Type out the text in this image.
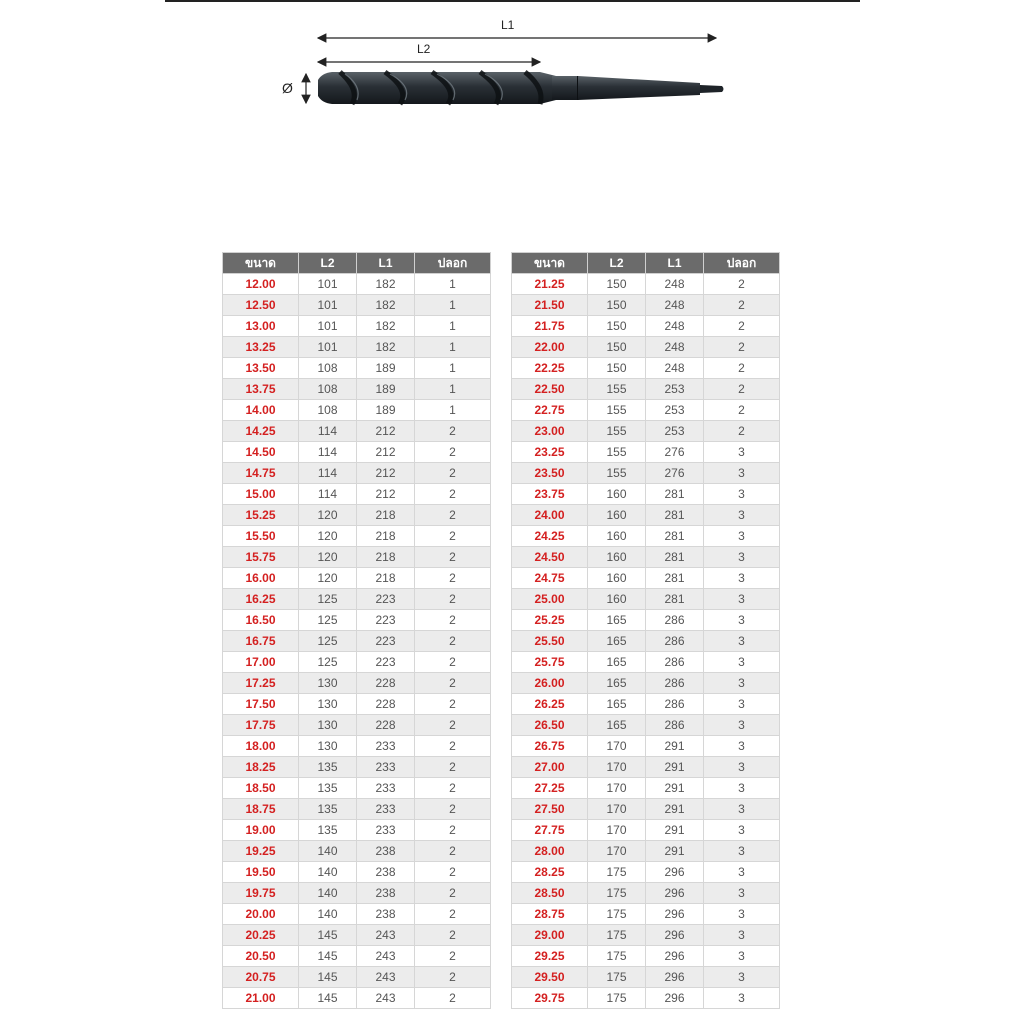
L1
L2
Ø
ขนาด	L2	L1	ปลอก
12.00	101	182	1
12.50	101	182	1
13.00	101	182	1
13.25	101	182	1
13.50	108	189	1
13.75	108	189	1
14.00	108	189	1
14.25	114	212	2
14.50	114	212	2
14.75	114	212	2
15.00	114	212	2
15.25	120	218	2
15.50	120	218	2
15.75	120	218	2
16.00	120	218	2
16.25	125	223	2
16.50	125	223	2
16.75	125	223	2
17.00	125	223	2
17.25	130	228	2
17.50	130	228	2
17.75	130	228	2
18.00	130	233	2
18.25	135	233	2
18.50	135	233	2
18.75	135	233	2
19.00	135	233	2
19.25	140	238	2
19.50	140	238	2
19.75	140	238	2
20.00	140	238	2
20.25	145	243	2
20.50	145	243	2
20.75	145	243	2
21.00	145	243	2
ขนาด	L2	L1	ปลอก
21.25	150	248	2
21.50	150	248	2
21.75	150	248	2
22.00	150	248	2
22.25	150	248	2
22.50	155	253	2
22.75	155	253	2
23.00	155	253	2
23.25	155	276	3
23.50	155	276	3
23.75	160	281	3
24.00	160	281	3
24.25	160	281	3
24.50	160	281	3
24.75	160	281	3
25.00	160	281	3
25.25	165	286	3
25.50	165	286	3
25.75	165	286	3
26.00	165	286	3
26.25	165	286	3
26.50	165	286	3
26.75	170	291	3
27.00	170	291	3
27.25	170	291	3
27.50	170	291	3
27.75	170	291	3
28.00	170	291	3
28.25	175	296	3
28.50	175	296	3
28.75	175	296	3
29.00	175	296	3
29.25	175	296	3
29.50	175	296	3
29.75	175	296	3
